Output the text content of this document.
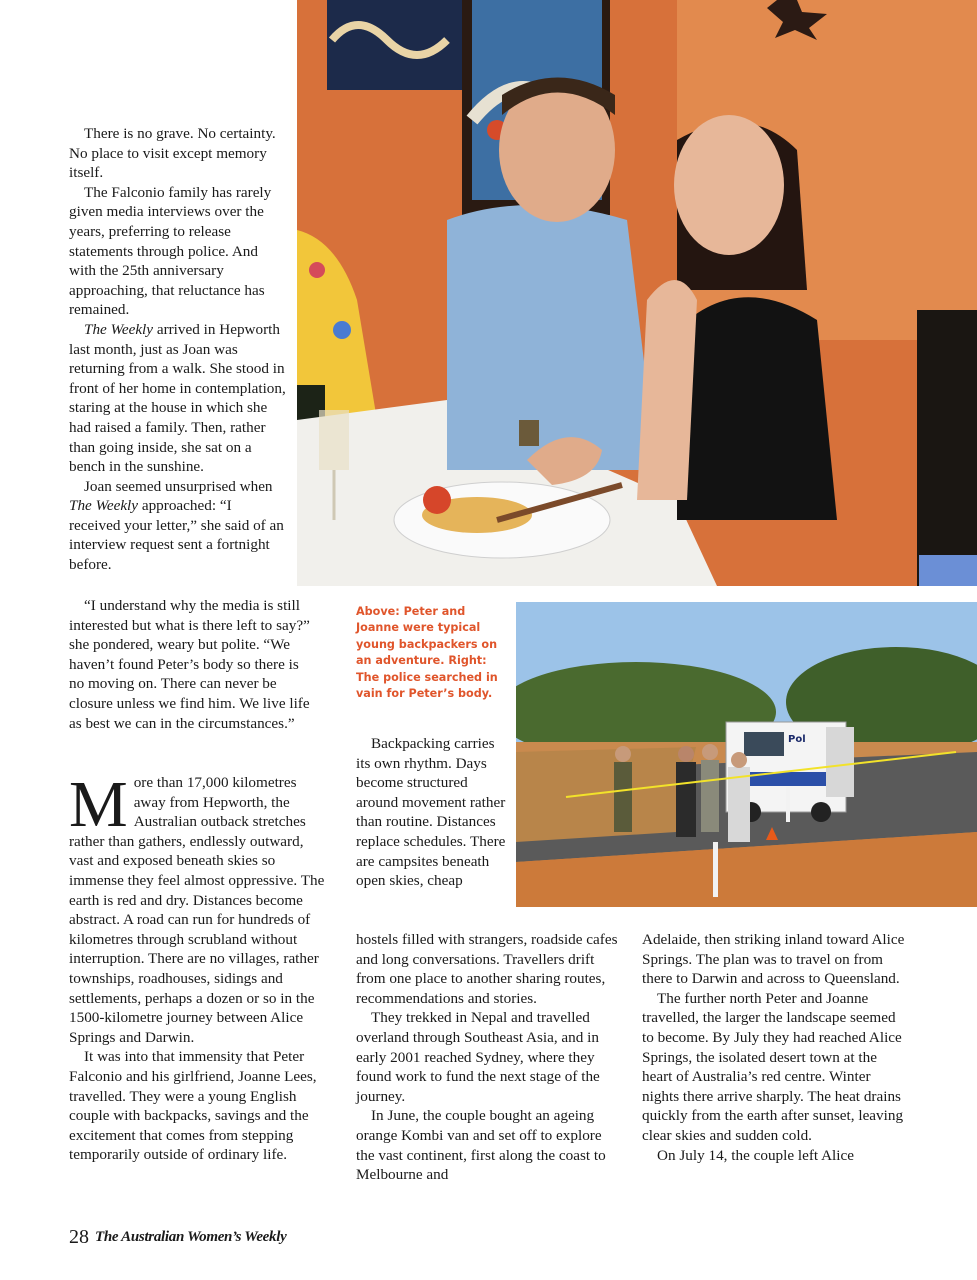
There is no grave. No certainty. No place to visit except memory itself.

The Falconio family has rarely given media interviews over the years, preferring to release statements through police. And with the 25th anniversary approaching, that reluctance has remained.

The Weekly arrived in Hepworth last month, just as Joan was returning from a walk. She stood in front of her home in contemplation, staring at the house in which she had raised a family. Then, rather than going inside, she sat on a bench in the sunshine.

Joan seemed unsurprised when The Weekly approached: “I received your letter,” she said of an interview request sent a fortnight before.

“I understand why the media is still interested but what is there left to say?” she pondered, weary but polite. “We haven’t found Peter’s body so there is no moving on. There can never be closure unless we find him. We live life as best we can in the circumstances.”

More than 17,000 kilometres away from Hepworth, the Australian outback stretches rather than gathers, endlessly outward, vast and exposed beneath skies so immense they feel almost oppressive. The earth is red and dry. Distances become abstract. A road can run for hundreds of kilometres through scrubland without interruption. There are no villages, rather townships, roadhouses, sidings and settlements, perhaps a dozen or so in the 1500-kilometre journey between Alice Springs and Darwin.

It was into that immensity that Peter Falconio and his girlfriend, Joanne Lees, travelled. They were a young English couple with backpacks, savings and the excitement that comes from stepping temporarily outside of ordinary life.

Above: Peter and Joanne were typical young backpackers on an adventure. Right: The police searched in vain for Peter’s body.
Pol

Backpacking carries its own rhythm. Days become structured around movement rather than routine. Distances replace schedules. There are campsites beneath open skies, cheap

hostels filled with strangers, roadside cafes and long conversations. Travellers drift from one place to another sharing routes, recommendations and stories.

They trekked in Nepal and travelled overland through Southeast Asia, and in early 2001 reached Sydney, where they found work to fund the next stage of the journey.

In June, the couple bought an ageing orange Kombi van and set off to explore the vast continent, first along the coast to Melbourne and

Adelaide, then striking inland toward Alice Springs. The plan was to travel on from there to Darwin and across to Queensland.

The further north Peter and Joanne travelled, the larger the landscape seemed to become. By July they had reached Alice Springs, the isolated desert town at the heart of Australia’s red centre. Winter nights there arrive sharply. The heat drains quickly from the earth after sunset, leaving clear skies and sudden cold.

On July 14, the couple left Alice

28 The Australian Women’s Weekly
